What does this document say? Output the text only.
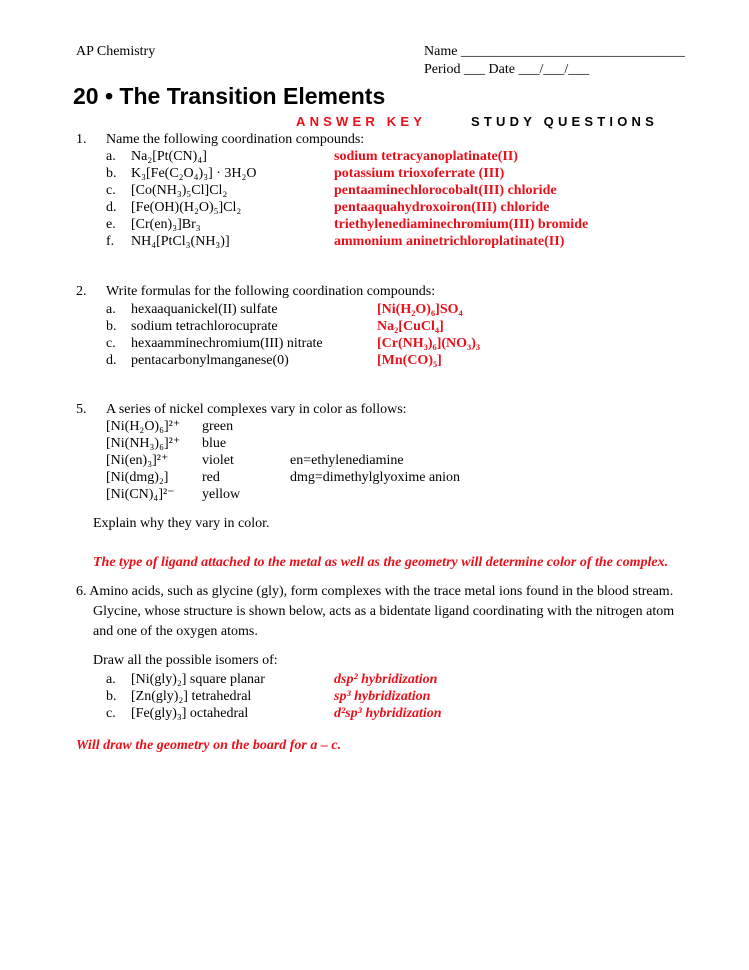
AP Chemistry	Name ________________________________
Period ___ Date ___/___/___
20 • The Transition Elements
ANSWER KEY	STUDY QUESTIONS
1. Name the following coordination compounds:
a. Na₂[Pt(CN)₄]	sodium tetracyanoplatinate(II)
b. K₃[Fe(C₂O₄)₃] · 3H₂O	potassium trioxoferrate (III)
c. [Co(NH₃)₅Cl]Cl₂	pentaaminechlorocobalt(III) chloride
d. [Fe(OH)(H₂O)₅]Cl₂	pentaaquahydroxoiron(III) chloride
e. [Cr(en)₃]Br₃	triethylenediaminechromium(III) bromide
f. NH₄[PtCl₃(NH₃)]	ammonium aninetrichloroplatinate(II)
2. Write formulas for the following coordination compounds:
a. hexaaquanickel(II) sulfate	[Ni(H₂O)₆]SO₄
b. sodium tetrachlorocuprate	Na₂[CuCl₄]
c. hexaamminechromium(III) nitrate	[Cr(NH₃)₆](NO₃)₃
d. pentacarbonylmanganese(0)	[Mn(CO)₅]
5. A series of nickel complexes vary in color as follows:
Explain why they vary in color.
The type of ligand attached to the metal as well as the geometry will determine color of the complex.
[Ni(H₂O)₆]²⁺ green
[Ni(NH₃)₆]²⁺ blue
[Ni(en)₃]²⁺ violet	en=ethylenediamine
[Ni(dmg)₂] red	dmg=dimethylglyoxime anion
[Ni(CN)₄]²⁻ yellow
6. Amino acids, such as glycine (gly), form complexes with the trace metal ions found in the blood stream.
Glycine, whose structure is shown below, acts as a bidentate ligand coordinating with the nitrogen atom
and one of the oxygen atoms.
Draw all the possible isomers of:
Will draw the geometry on the board for a – c.
a. [Ni(gly)₂] square planar	dsp² hybridization
b. [Zn(gly)₂] tetrahedral	sp³ hybridization
c. [Fe(gly)₃] octahedral	d²sp³ hybridization
